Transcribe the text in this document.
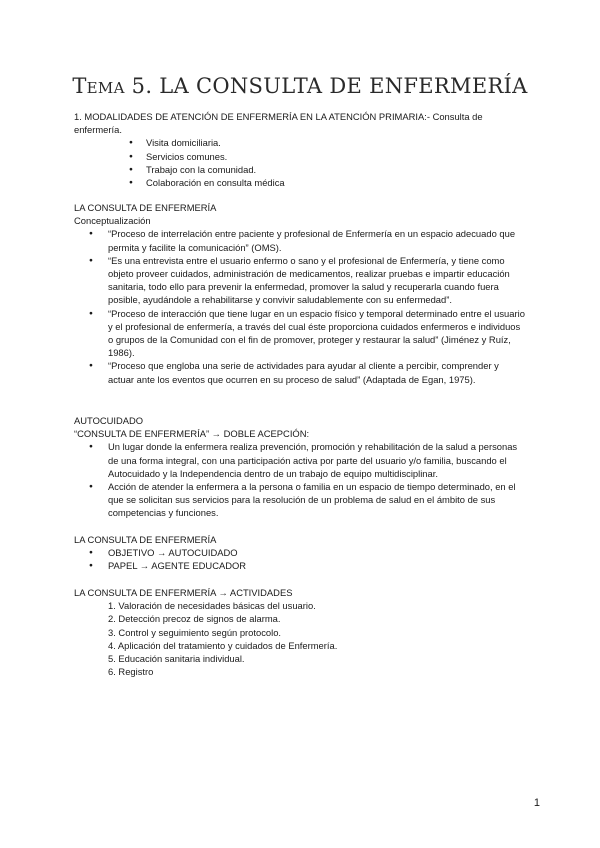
Tema 5. LA CONSULTA DE ENFERMERÍA

1. MODALIDADES DE ATENCIÓN DE ENFERMERÍA EN LA ATENCIÓN PRIMARIA:- Consulta de

enfermería.

● Visita domiciliaria.
● Servicios comunes.
● Trabajo con la comunidad.
● Colaboración en consulta médica

LA CONSULTA DE ENFERMERÍA

Conceptualización

● “Proceso de interrelación entre paciente y profesional de Enfermería en un espacio adecuado que permita y facilite la comunicación” (OMS).
● “Es una entrevista entre el usuario enfermo o sano y el profesional de Enfermería, y tiene como objeto proveer cuidados, administración de medicamentos, realizar pruebas e impartir educación sanitaria, todo ello para prevenir la enfermedad, promover la salud y recuperarla cuando fuera posible, ayudándole a rehabilitarse y convivir saludablemente con su enfermedad”.
● “Proceso de interacción que tiene lugar en un espacio físico y temporal determinado entre el usuario y el profesional de enfermería, a través del cual éste proporciona cuidados enfermeros e individuos o grupos de la Comunidad con el fin de promover, proteger y restaurar la salud” (Jiménez y Ruíz, 1986).
● “Proceso que engloba una serie de actividades para ayudar al cliente a percibir, comprender y actuar ante los eventos que ocurren en su proceso de salud” (Adaptada de Egan, 1975).

AUTOCUIDADO

“CONSULTA DE ENFERMERÍA” → DOBLE ACEPCIÓN:

● Un lugar donde la enfermera realiza prevención, promoción y rehabilitación de la salud a personas de una forma integral, con una participación activa por parte del usuario y/o familia, buscando el Autocuidado y la Independencia dentro de un trabajo de equipo multidisciplinar.
● Acción de atender la enfermera a la persona o familia en un espacio de tiempo determinado, en el que se solicitan sus servicios para la resolución de un problema de salud en el ámbito de sus competencias y funciones.

LA CONSULTA DE ENFERMERÍA

● OBJETIVO → AUTOCUIDADO
● PAPEL → AGENTE EDUCADOR

LA CONSULTA DE ENFERMERÍA → ACTIVIDADES

1. Valoración de necesidades básicas del usuario.
2. Detección precoz de signos de alarma.
3. Control y seguimiento según protocolo.
4. Aplicación del tratamiento y cuidados de Enfermería.
5. Educación sanitaria individual.
6. Registro
1
